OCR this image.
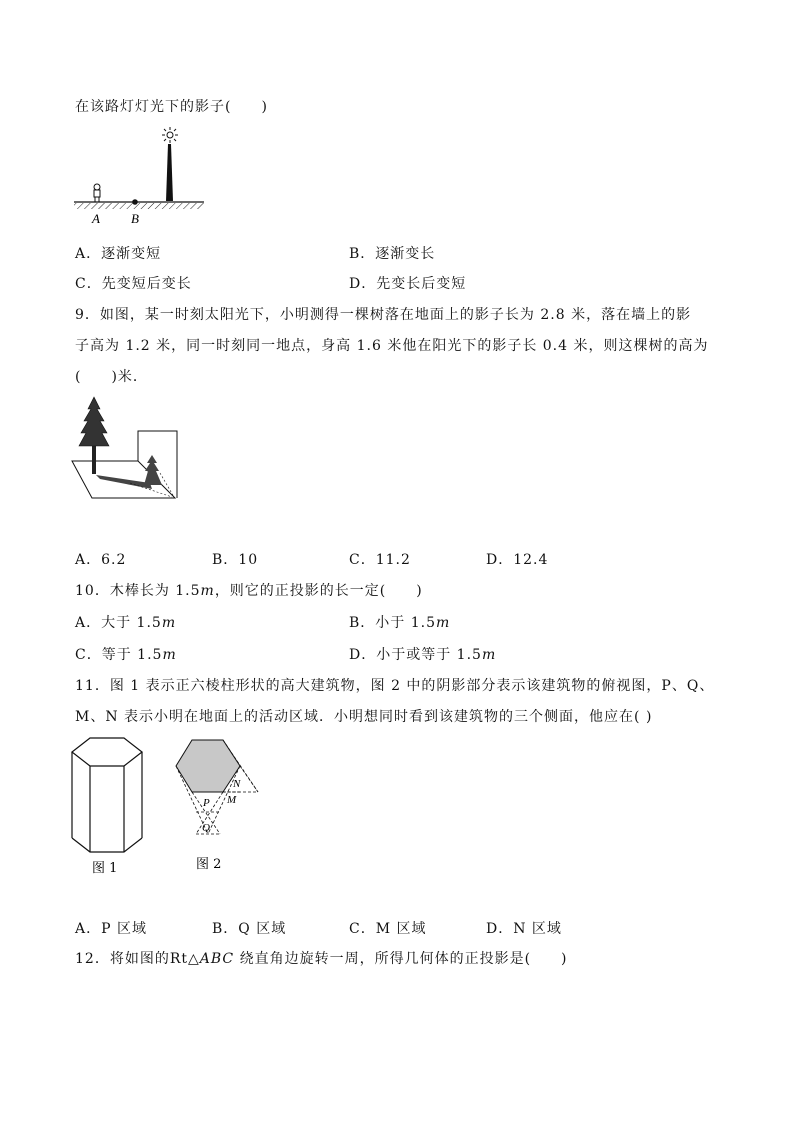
在该路灯灯光下的影子(　　)
A B
A．逐渐变短	B．逐渐变长
C．先变短后变长	D．先变长后变短
9．如图，某一时刻太阳光下，小明测得一棵树落在地面上的影子长为 2.8 米，落在墙上的影
子高为 1.2 米，同一时刻同一地点，身高 1.6 米他在阳光下的影子长 0.4 米，则这棵树的高为
(　　)米．
A．6.2	B．10	C．11.2	D．12.4
10．木棒长为 1.5m，则它的正投影的长一定(　　)
A．大于 1.5m	B．小于 1.5m
C．等于 1.5m	D．小于或等于 1.5m
11．图 1 表示正六棱柱形状的高大建筑物，图 2 中的阴影部分表示该建筑物的俯视图，P、Q、
M、N 表示小明在地面上的活动区域．小明想同时看到该建筑物的三个侧面，他应在( )
图 1
P M
N
Q
图 2
A．P 区域	B．Q 区域	C．M 区域	D．N 区域
12．将如图的Rt△ABC 绕直角边旋转一周，所得几何体的正投影是(　　)
